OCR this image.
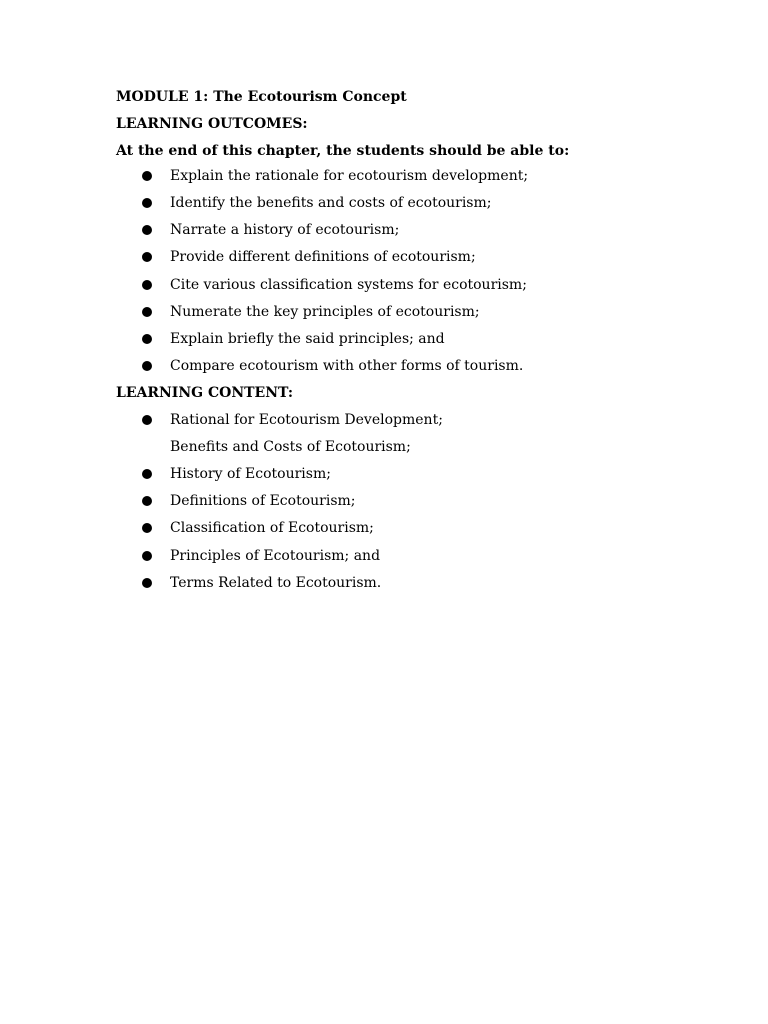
MODULE 1: The Ecotourism Concept
LEARNING OUTCOMES:
At the end of this chapter, the students should be able to:
Explain the rationale for ecotourism development;
Identify the benefits and costs of ecotourism;
Narrate a history of ecotourism;
Provide different definitions of ecotourism;
Cite various classification systems for ecotourism;
Numerate the key principles of ecotourism;
Explain briefly the said principles; and
Compare ecotourism with other forms of tourism.
LEARNING CONTENT:
Rational for Ecotourism Development;
Benefits and Costs of Ecotourism;
History of Ecotourism;
Definitions of Ecotourism;
Classification of Ecotourism;
Principles of Ecotourism; and
Terms Related to Ecotourism.
